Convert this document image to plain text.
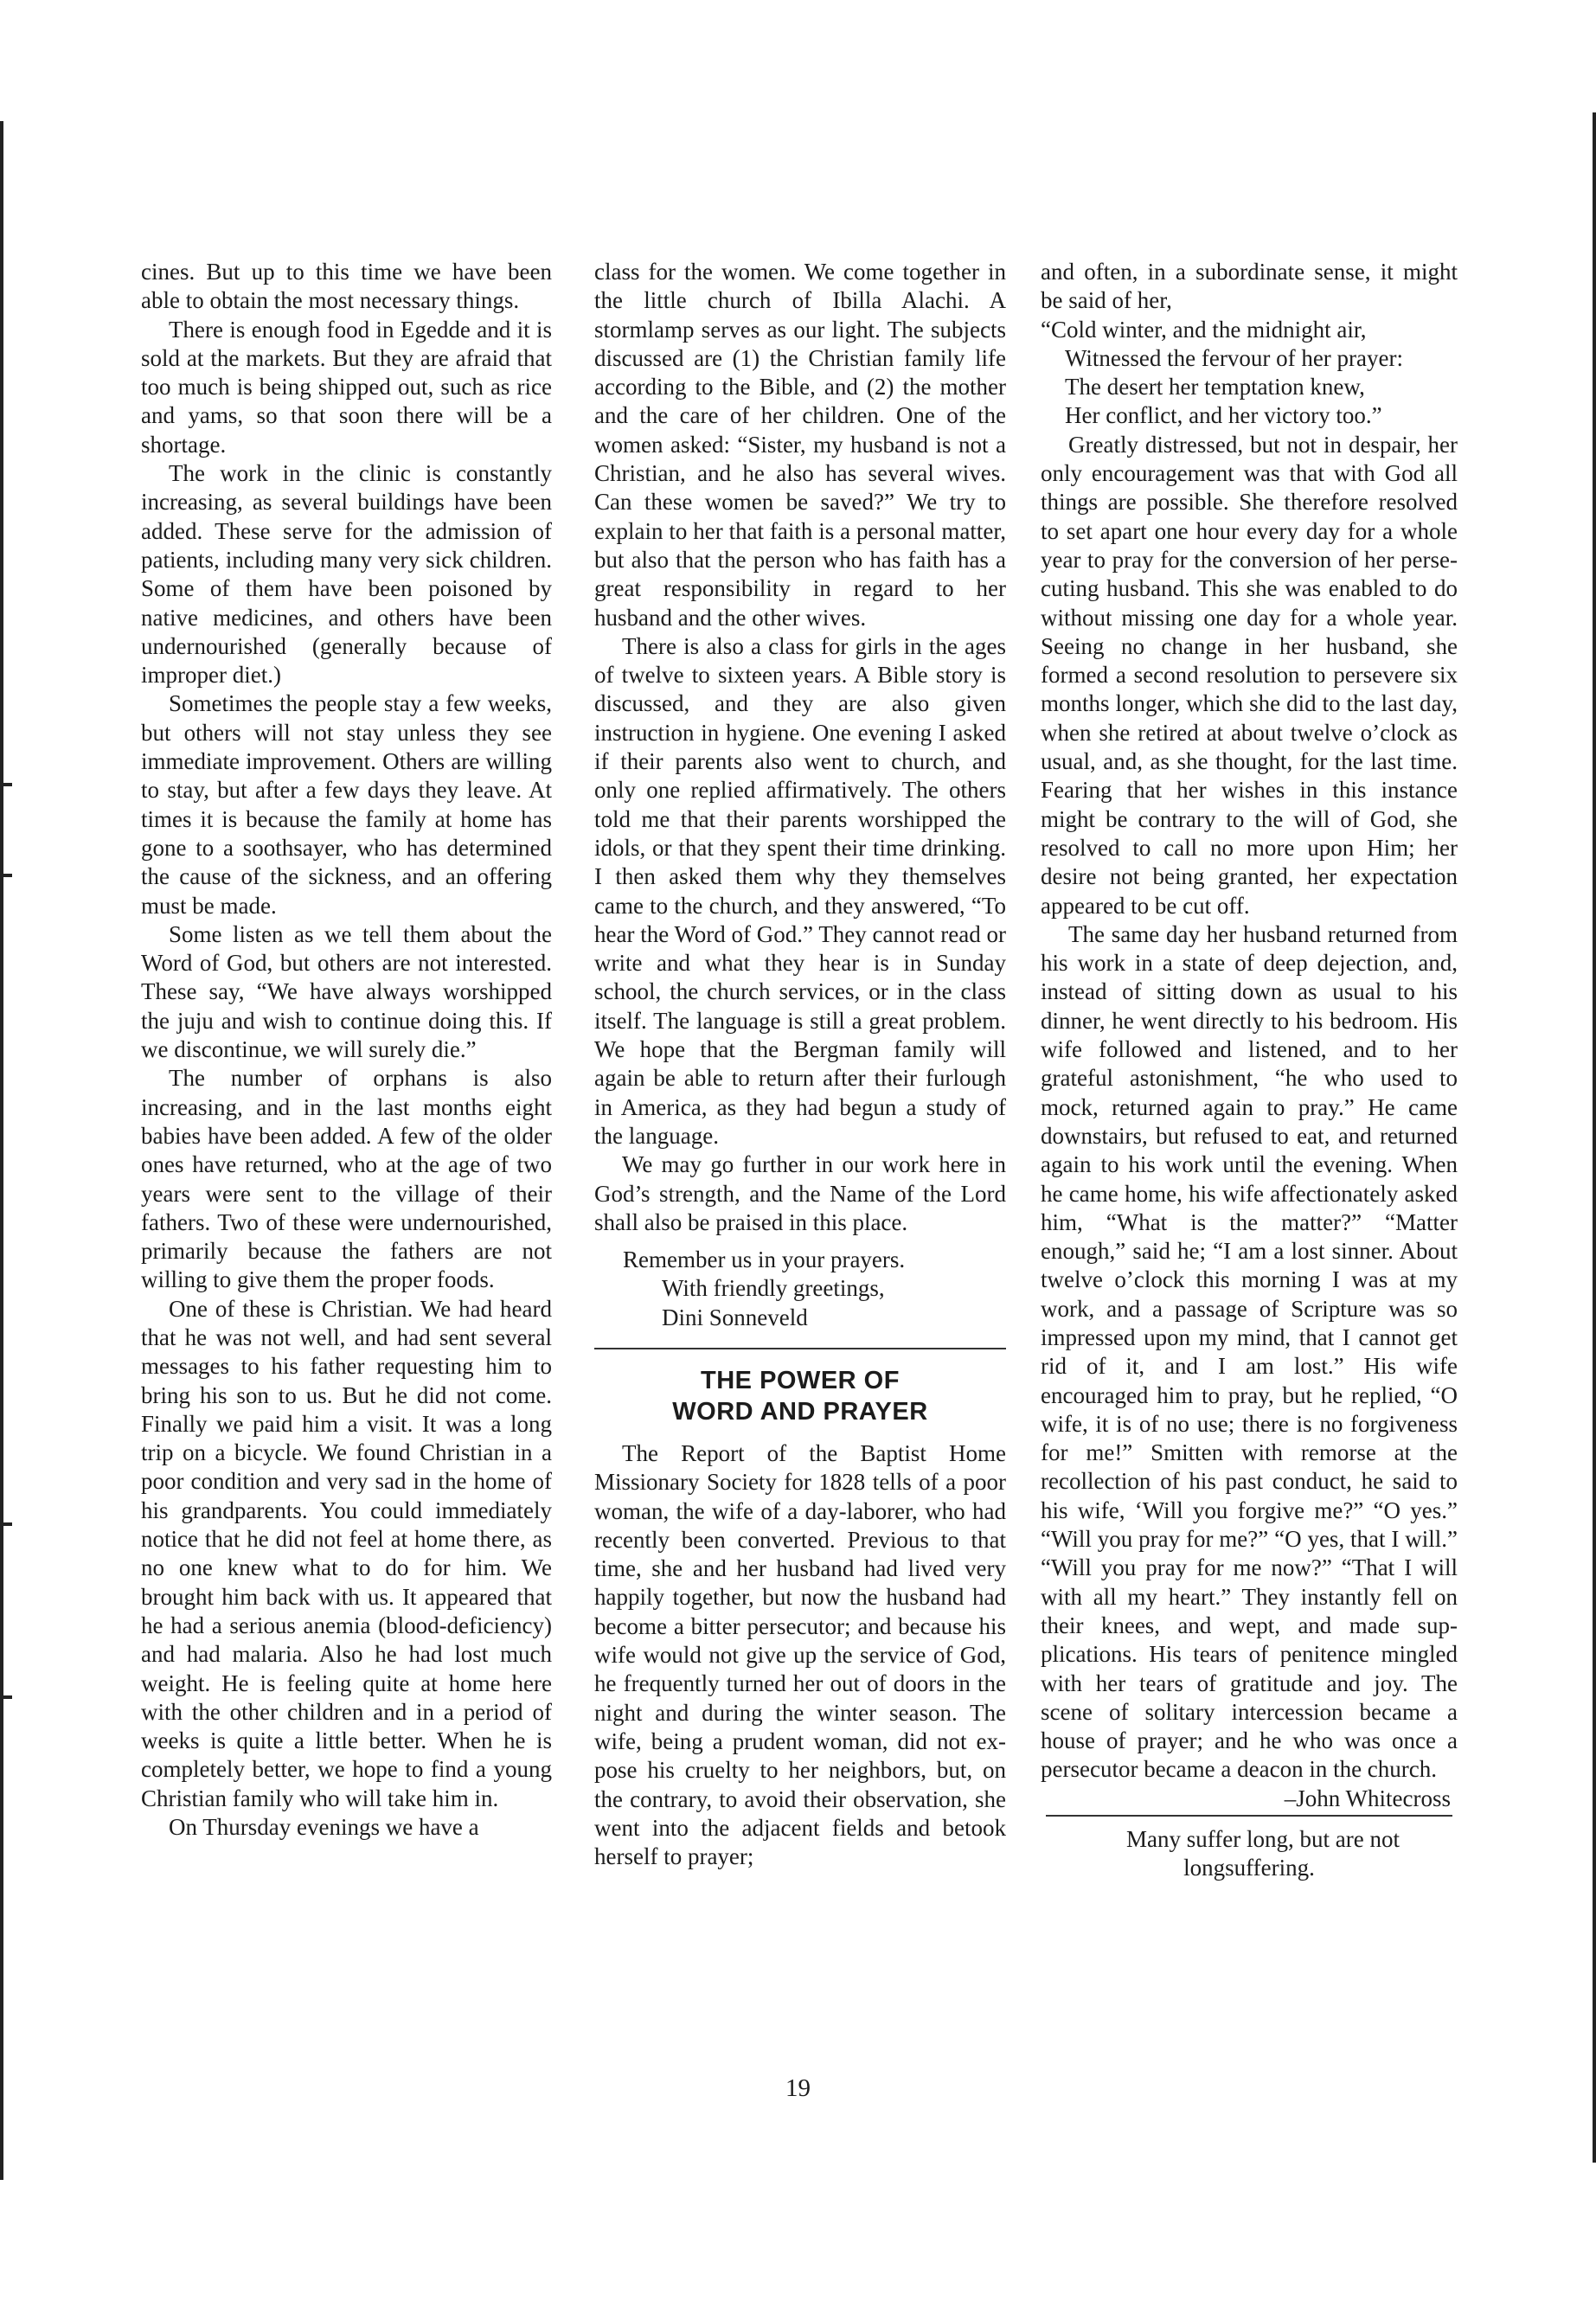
cines. But up to this time we have been able to obtain the most necessary things.

There is enough food in Egedde and it is sold at the markets. But they are afraid that too much is being shipped out, such as rice and yams, so that soon there will be a shortage.

The work in the clinic is constantly increasing, as several buildings have been added. These serve for the admission of patients, including many very sick children. Some of them have been poisoned by native medicines, and others have been undernourished (generally because of improper diet.)

Sometimes the people stay a few weeks, but others will not stay unless they see immediate improvement. Others are willing to stay, but after a few days they leave. At times it is because the family at home has gone to a soothsayer, who has determined the cause of the sickness, and an offering must be made.

Some listen as we tell them about the Word of God, but others are not interested. These say, “We have always worshipped the juju and wish to continue doing this. If we discontinue, we will surely die.”

The number of orphans is also increasing, and in the last months eight babies have been added. A few of the older ones have returned, who at the age of two years were sent to the village of their fathers. Two of these were undernourished, primarily because the fathers are not willing to give them the proper foods.

One of these is Christian. We had heard that he was not well, and had sent several messages to his father requesting him to bring his son to us. But he did not come. Finally we paid him a visit. It was a long trip on a bicycle. We found Christian in a poor condition and very sad in the home of his grandparents. You could immediately notice that he did not feel at home there, as no one knew what to do for him. We brought him back with us. It appeared that he had a serious anemia (blood-deficiency) and had malaria. Also he had lost much weight. He is feeling quite at home here with the other children and in a period of weeks is quite a little better. When he is completely better, we hope to find a young Christian family who will take him in.

On Thursday evenings we have a

class for the women. We come together in the little church of Ibilla Alachi. A stormlamp serves as our light. The subjects discussed are (1) the Christian family life according to the Bible, and (2) the mother and the care of her children. One of the women asked: “Sister, my husband is not a Christian, and he also has several wives. Can these women be saved?” We try to explain to her that faith is a personal matter, but also that the person who has faith has a great responsibility in regard to her husband and the other wives.

There is also a class for girls in the ages of twelve to sixteen years. A Bible story is discussed, and they are also given instruction in hygiene. One evening I asked if their parents also went to church, and only one replied affirmatively. The others told me that their parents worshipped the idols, or that they spent their time drinking. I then asked them why they themselves came to the church, and they answered, “To hear the Word of God.” They cannot read or write and what they hear is in Sunday school, the church services, or in the class itself. The language is still a great problem. We hope that the Bergman family will again be able to return after their furlough in America, as they had begun a study of the language.

We may go further in our work here in God’s strength, and the Name of the Lord shall also be praised in this place.

Remember us in your prayers.
With friendly greetings,
Dini Sonneveld
THE POWER OF
WORD AND PRAYER

The Report of the Baptist Home Missionary Society for 1828 tells of a poor woman, the wife of a day-laborer, who had recently been converted. Previous to that time, she and her husband had lived very happily together, but now the husband had become a bitter persecutor; and because his wife would not give up the service of God, he frequently turned her out of doors in the night and during the winter season. The wife, being a prudent woman, did not expose his cruelty to her neighbors, but, on the contrary, to avoid their observation, she went into the adjacent fields and betook herself to prayer;

and often, in a subordinate sense, it might be said of her,

“Cold winter, and the midnight air,
Witnessed the fervour of her prayer:
The desert her temptation knew,
Her conflict, and her victory too.”

Greatly distressed, but not in despair, her only encouragement was that with God all things are possible. She therefore resolved to set apart one hour every day for a whole year to pray for the conversion of her persecuting husband. This she was enabled to do without missing one day for a whole year. Seeing no change in her husband, she formed a second resolution to persevere six months longer, which she did to the last day, when she retired at about twelve o’clock as usual, and, as she thought, for the last time. Fearing that her wishes in this instance might be contrary to the will of God, she resolved to call no more upon Him; her desire not being granted, her expectation appeared to be cut off.

The same day her husband returned from his work in a state of deep dejection, and, instead of sitting down as usual to his dinner, he went directly to his bedroom. His wife followed and listened, and to her grateful astonishment, “he who used to mock, returned again to pray.” He came downstairs, but refused to eat, and returned again to his work until the evening. When he came home, his wife affectionately asked him, “What is the matter?” “Matter enough,” said he; “I am a lost sinner. About twelve o’clock this morning I was at my work, and a passage of Scripture was so impressed upon my mind, that I cannot get rid of it, and I am lost.” His wife encouraged him to pray, but he replied, “O wife, it is of no use; there is no forgiveness for me!” Smitten with remorse at the recollection of his past conduct, he said to his wife, ‘Will you forgive me?” “O yes.” “Will you pray for me?” “O yes, that I will.” “Will you pray for me now?” “That I will with all my heart.” They instantly fell on their knees, and wept, and made supplications. His tears of penitence mingled with her tears of gratitude and joy. The scene of solitary intercession became a house of prayer; and he who was once a persecutor became a deacon in the church.

–John Whitecross

Many suffer long, but are not longsuffering.

19
